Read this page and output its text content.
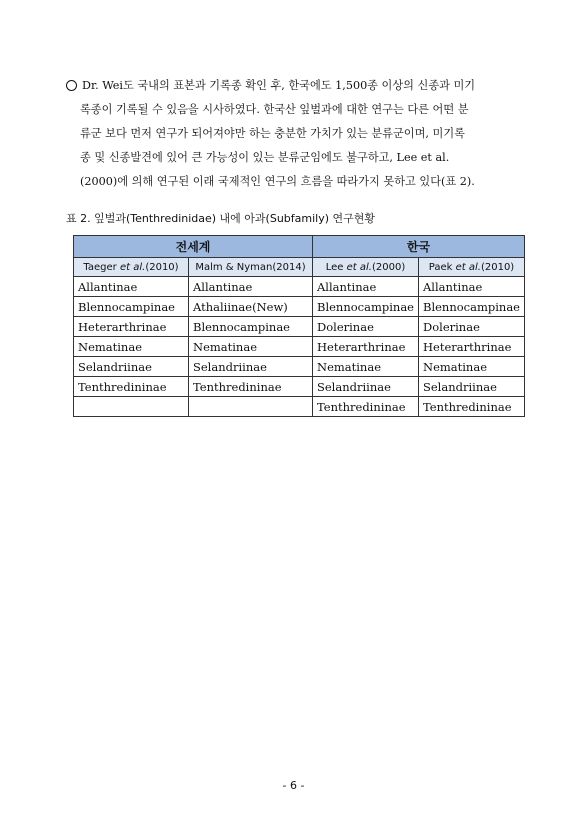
Dr. Wei도 국내의 표본과 기록종 확인 후, 한국에도 1,500종 이상의 신종과 미기
록종이 기록될 수 있음을 시사하였다. 한국산 잎벌과에 대한 연구는 다른 어떤 분
류군 보다 먼저 연구가 되어져야만 하는 충분한 가치가 있는 분류군이며, 미기록
종 및 신종발견에 있어 큰 가능성이 있는 분류군임에도 불구하고, Lee et al.
(2000)에 의해 연구된 이래 국제적인 연구의 흐름을 따라가지 못하고 있다(표 2).
표 2. 잎벌과(Tenthredinidae) 내에 아과(Subfamily) 연구현황
전세계		한국	
Taeger et al.(2010)	Malm & Nyman(2014)	Lee et al.(2000)	Paek et al.(2010)
Allantinae	Allantinae	Allantinae	Allantinae
Blennocampinae	Athaliinae(New)	Blennocampinae	Blennocampinae
Heterarthrinae	Blennocampinae	Dolerinae	Dolerinae
Nematinae	Nematinae	Heterarthrinae	Heterarthrinae
Selandriinae	Selandriinae	Nematinae	Nematinae
Tenthredininae	Tenthredininae	Selandriinae	Selandriinae
		Tenthredininae	Tenthredininae
- 6 -
